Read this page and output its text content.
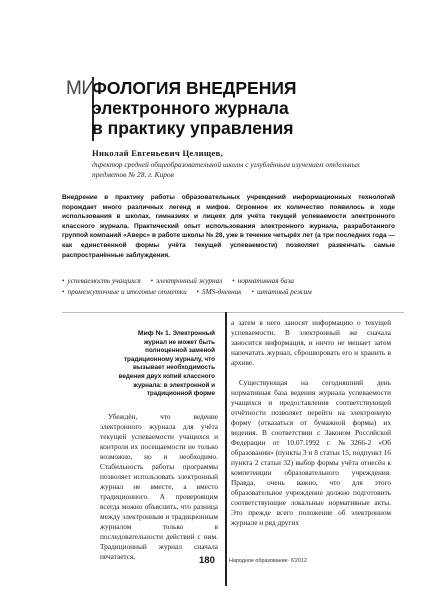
МИ
ФОЛОГИЯ ВНЕДРЕНИЯ
электронного журнала
в практику управления
Николай Евгеньевич Целищев,
директор средней общеобразовательной школы с углублённым изучением отдельных предметов № 28, г. Киров
Внедрение в практику работы образовательных учреждений информационных технологий порождает много различных легенд и мифов. Огромное их количество появилось в ходе использования в школах, гимназиях и лицеях для учёта текущей успеваемости электронного классного журнала. Практический опыт использования электронного журнала, разработанного группой компаний «Аверс» в работе школы № 28, уже в течение четырёх лет (а три последних года — как единственной формы учёта текущей успеваемости) позволяет развенчать самые распространённые заблуждения.
• успеваемость учащихся • электронный журнал • нормативная база • промежуточные и итоговые отметки • SMS-дневник • штатный режим
Миф № 1. Электронный журнал не может быть полноценной заменой традиционному журналу, что вызывает необходимость ведения двух копий классного журнала: в электронной и традиционной форме

Убеждён, что ведение электронного журнала для учёта текущей успеваемости учащихся и контроля их посещаемости не только возможно, но и необходимо. Стабильность работы программы позволяет использовать электронный журнал не вместе, а вместо традиционного. А провероящим всегда можно объяснить, что разница между электронным и традиционным журналом только в последовательности действий с ним. Традиционный журнал сначала печатается,

а затем в него заносят информацию о текущей успеваемости. В электронный же сначала заносится информация, и ничто не мешает затем напечатать журнал, сброшюровать его и хранить в архиве.

Существующая на сегодняшний день нормативная база ведения журнала успеваемости учащихся и предоставления соответствующей отчётности позволяет перейти на электронную форму (отказаться от бумажной формы) их ведения. В соответствии с Законом Российской Федерации от 10.07.1992 г. №3266-2 «Об образовании» (пункты 3 и 8 статьи 15, подпункт 16 пункта 2 статьи 32) выбор формы учёта отнесён к компетенции образовательного учреждения. Правда, очень важно, что для этого образовательное учреждение должно подготовить соответствующие локальные нормативные акты. Это прежде всего положение об электронном журнале и ряд других

180	Народное образование· 6'2012
